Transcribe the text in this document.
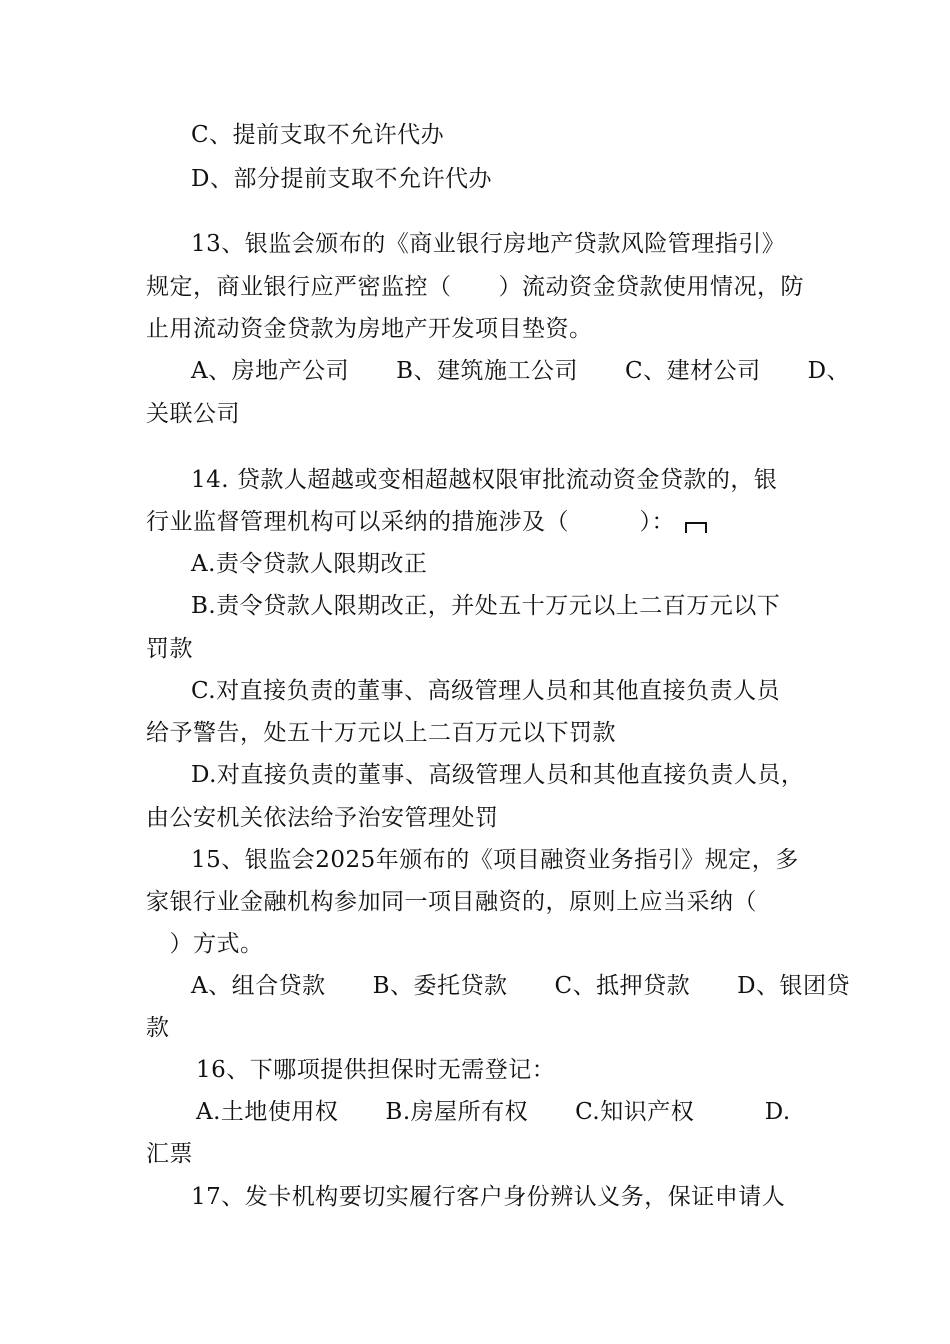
C、提前支取不允许代办
D、部分提前支取不允许代办
13、银监会颁布的《商业银行房地产贷款风险管理指引》
规定，商业银行应严密监控（　　）流动资金贷款使用情况，防
止用流动资金贷款为房地产开发项目垫资。
A、房地产公司　　B、建筑施工公司　　C、建材公司　　D、
关联公司
14. 贷款人超越或变相超越权限审批流动资金贷款的，银
行业监督管理机构可以采纳的措施涉及（　　　）：
A.责令贷款人限期改正
B.责令贷款人限期改正，并处五十万元以上二百万元以下
罚款
C.对直接负责的董事、高级管理人员和其他直接负责人员
给予警告，处五十万元以上二百万元以下罚款
D.对直接负责的董事、高级管理人员和其他直接负责人员，
由公安机关依法给予治安管理处罚
15、银监会2025年颁布的《项目融资业务指引》规定，多
家银行业金融机构参加同一项目融资的，原则上应当采纳（
　）方式。
A、组合贷款　　B、委托贷款　　C、抵押贷款　　D、银团贷
款
16、下哪项提供担保时无需登记：
A.土地使用权　　B.房屋所有权　　C.知识产权　　　D.
汇票
17、发卡机构要切实履行客户身份辨认义务，保证申请人
